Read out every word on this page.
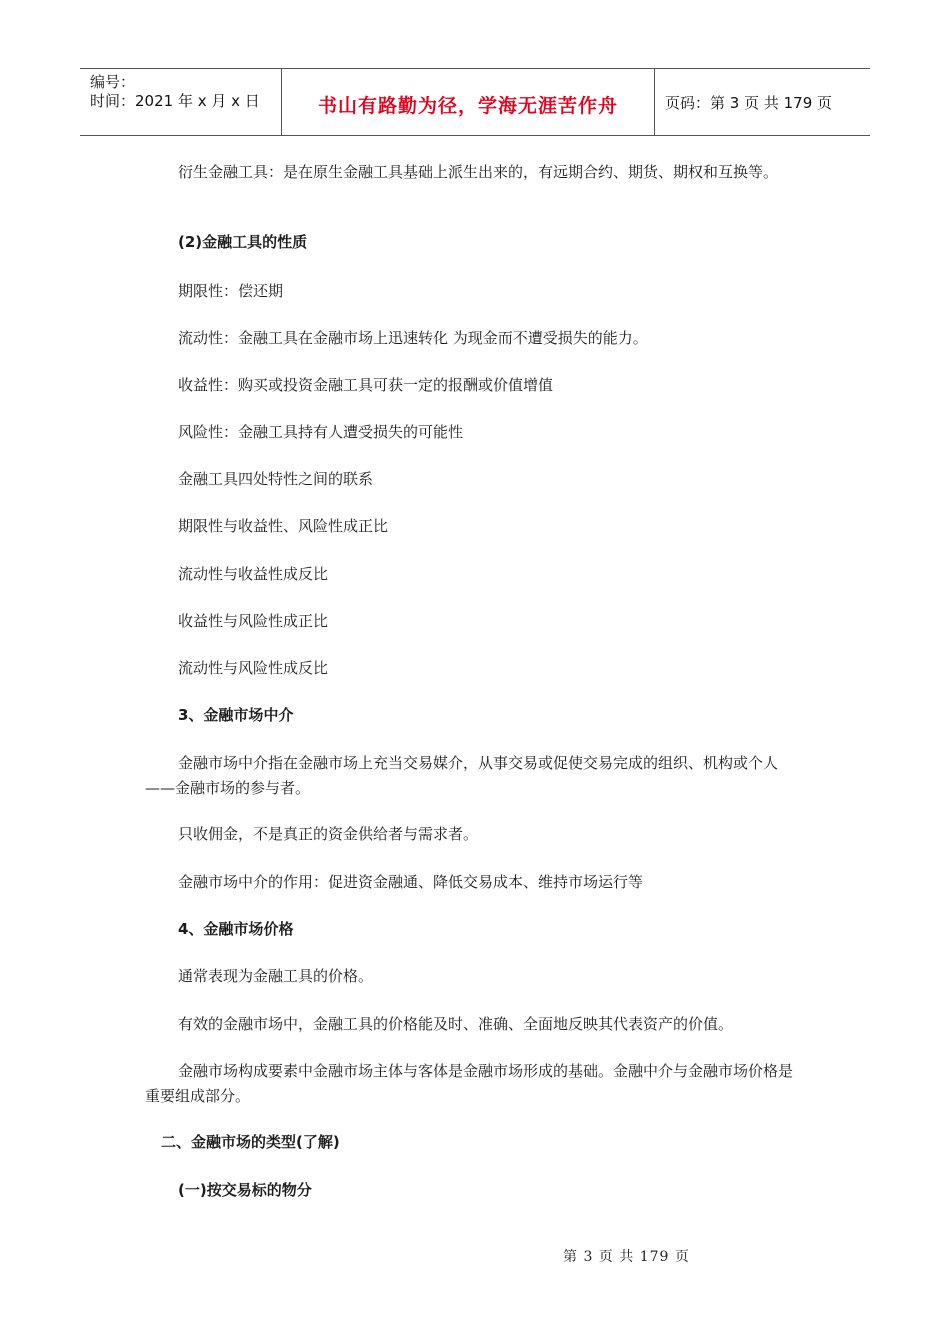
编号：
时间：2021 年 x 月 x 日	书山有路勤为径，学海无涯苦作舟	页码：第 3 页 共 179 页

衍生金融工具：是在原生金融工具基础上派生出来的，有远期合约、期货、期权和互换等。

(2)金融工具的性质

期限性：偿还期

流动性：金融工具在金融市场上迅速转化 为现金而不遭受损失的能力。

收益性：购买或投资金融工具可获一定的报酬或价值增值

风险性：金融工具持有人遭受损失的可能性

金融工具四处特性之间的联系

期限性与收益性、风险性成正比

流动性与收益性成反比

收益性与风险性成正比

流动性与风险性成反比

3、金融市场中介

金融市场中介指在金融市场上充当交易媒介，从事交易或促使交易完成的组织、机构或个人——金融市场的参与者。

只收佣金，不是真正的资金供给者与需求者。

金融市场中介的作用：促进资金融通、降低交易成本、维持市场运行等

4、金融市场价格

通常表现为金融工具的价格。

有效的金融市场中，金融工具的价格能及时、准确、全面地反映其代表资产的价值。

金融市场构成要素中金融市场主体与客体是金融市场形成的基础。金融中介与金融市场价格是重要组成部分。

二、金融市场的类型(了解)

(一)按交易标的物分

第 3 页 共 179 页
